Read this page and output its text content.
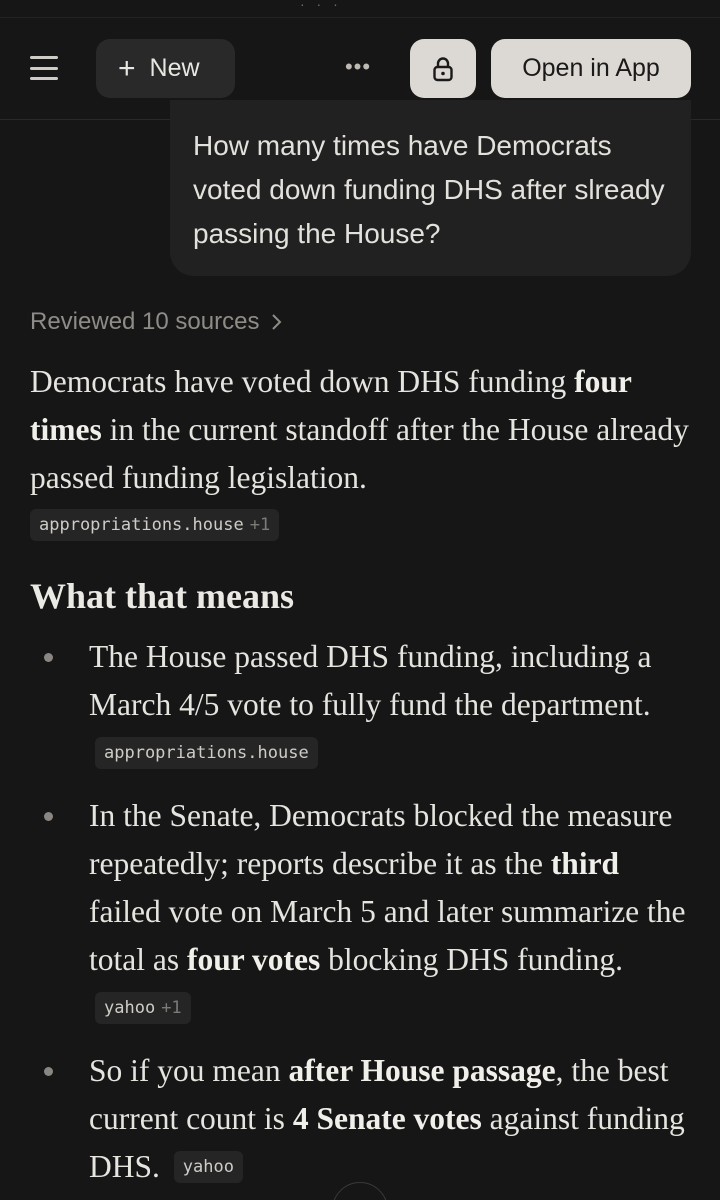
· · ·
+ New	•••	Open in App
How many times have Democrats voted down funding DHS after slready passing the House?
Reviewed 10 sources

Democrats have voted down DHS funding four times in the current standoff after the House already passed funding legislation.

appropriations.house +1
What that means
The House passed DHS funding, including a March 4/5 vote to fully fund the department. appropriations.house
In the Senate, Democrats blocked the measure repeatedly; reports describe it as the third failed vote on March 5 and later summarize the total as four votes blocking DHS funding. yahoo +1
So if you mean after House passage, the best current count is 4 Senate votes against funding DHS. yahoo
